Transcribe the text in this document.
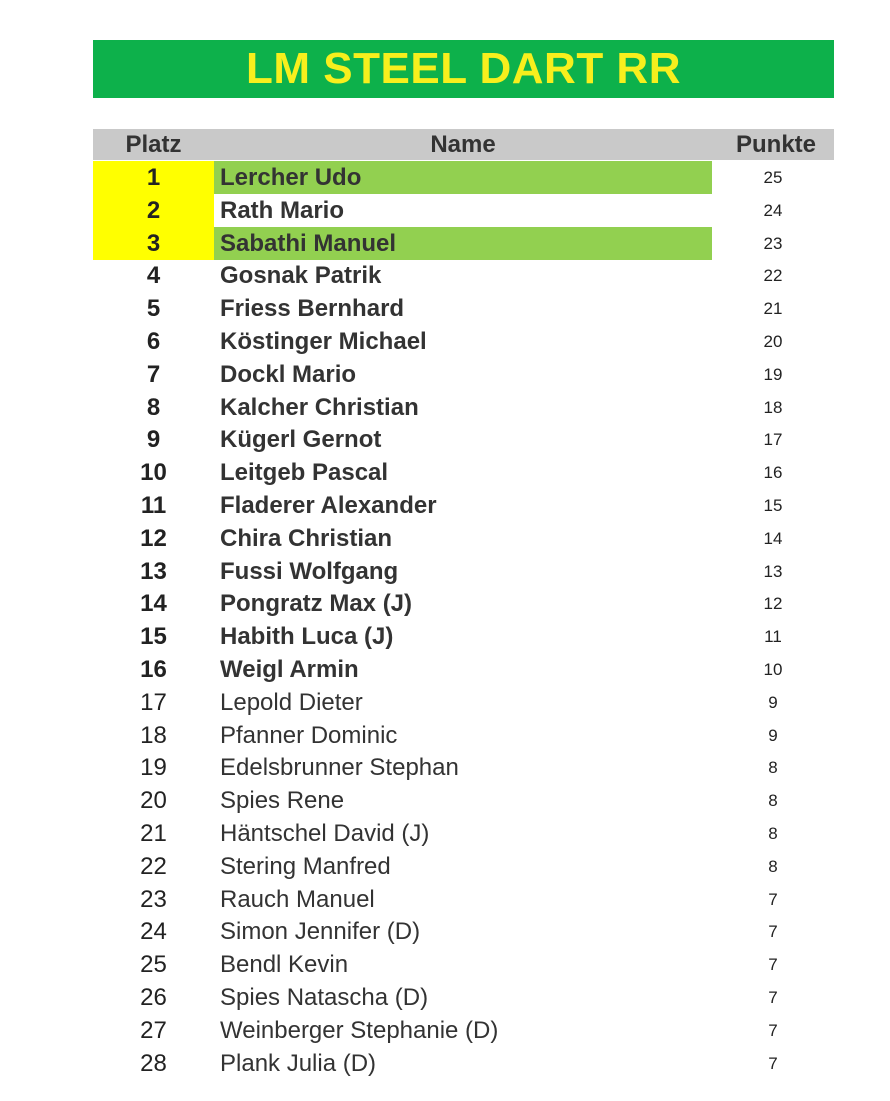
LM STEEL DART RR
Platz	Name	Punkte
1	Lercher Udo	25
2	Rath Mario	24
3	Sabathi Manuel	23
4	Gosnak Patrik	22
5	Friess Bernhard	21
6	Köstinger Michael	20
7	Dockl Mario	19
8	Kalcher Christian	18
9	Kügerl Gernot	17
10	Leitgeb Pascal	16
11	Fladerer Alexander	15
12	Chira Christian	14
13	Fussi Wolfgang	13
14	Pongratz Max (J)	12
15	Habith Luca (J)	11
16	Weigl Armin	10
17	Lepold Dieter	9
18	Pfanner Dominic	9
19	Edelsbrunner Stephan	8
20	Spies Rene	8
21	Häntschel David (J)	8
22	Stering Manfred	8
23	Rauch Manuel	7
24	Simon Jennifer (D)	7
25	Bendl Kevin	7
26	Spies Natascha (D)	7
27	Weinberger Stephanie (D)	7
28	Plank Julia (D)	7
